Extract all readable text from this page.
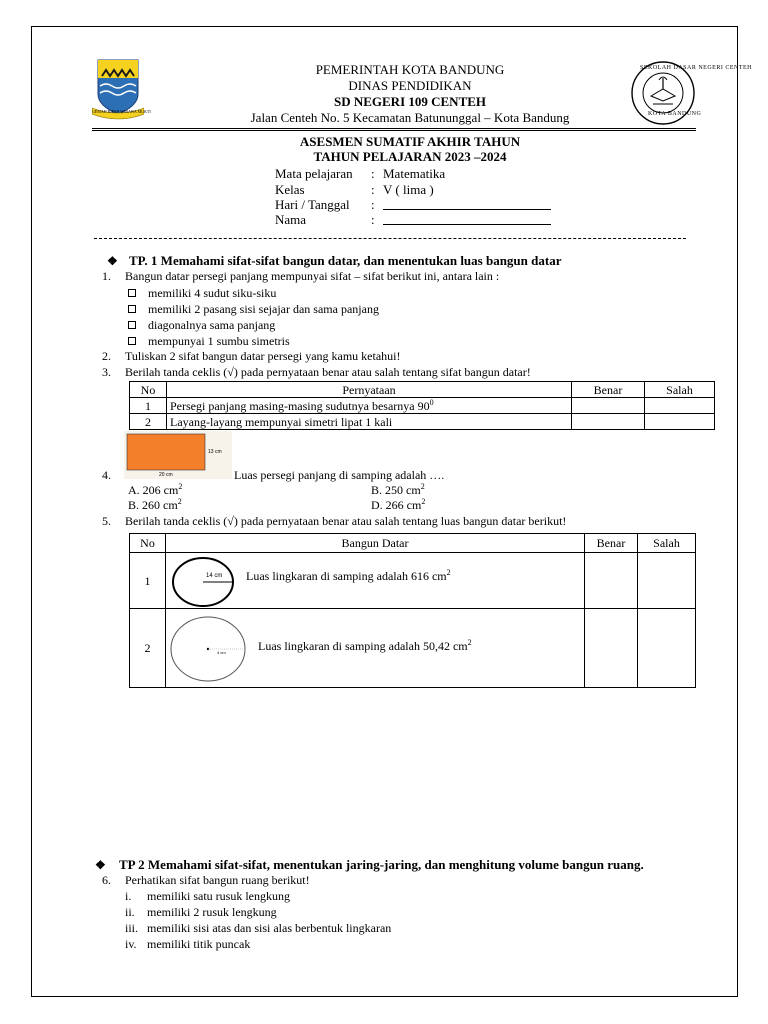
GEMAH RIPAH WIBAWA MUKTI
SEKOLAH DASAR NEGERI CENTEH
KOTA BANDUNG
PEMERINTAH KOTA BANDUNG
DINAS PENDIDIKAN
SD NEGERI 109 CENTEH
Jalan Centeh No. 5 Kecamatan Batununggal – Kota Bandung
ASESMEN SUMATIF AKHIR TAHUN
TAHUN PELAJARAN 2023 –2024
Mata pelajaran	: Matematika
Kelas	: V ( lima )
Hari / Tanggal	:
Nama	:
❖ TP. 1 Memahami sifat-sifat bangun datar, dan menentukan luas bangun datar
1. Bangun datar persegi panjang mempunyai sifat – sifat berikut ini, antara lain :
memiliki 4 sudut siku-siku
memiliki 2 pasang sisi sejajar dan sama panjang
diagonalnya sama panjang
mempunyai 1 sumbu simetris
2. Tuliskan 2 sifat bangun datar persegi yang kamu ketahui!
3. Berilah tanda ceklis (√) pada pernyataan benar atau salah tentang sifat bangun datar!
No	Pernyataan	Benar	Salah
1	Persegi panjang masing-masing sudutnya besarnya $90^0$		
2	Layang-layang mempunyai simetri lipat 1 kali		
4.
13 cm
20 cm	Luas persegi panjang di samping adalah ….
A. 206 $cm^2$	B. 250 $cm^2$
B. 260 $cm^2$	D. 266 $cm^2$
5. Berilah tanda ceklis (√) pada pernyataan benar atau salah tentang luas bangun datar berikut!
No	Bangun Datar	Benar	Salah
1	14 cm Luas lingkaran di samping adalah 616 $cm^2$

2	4 cm Luas lingkaran di samping adalah 50,42 $cm^2$

❖ TP 2 Memahami sifat-sifat, menentukan jaring-jaring, dan menghitung volume bangun ruang.
6. Perhatikan sifat bangun ruang berikut!
i. memiliki satu rusuk lengkung
ii. memiliki 2 rusuk lengkung
iii. memiliki sisi atas dan sisi alas berbentuk lingkaran
iv. memiliki titik puncak
